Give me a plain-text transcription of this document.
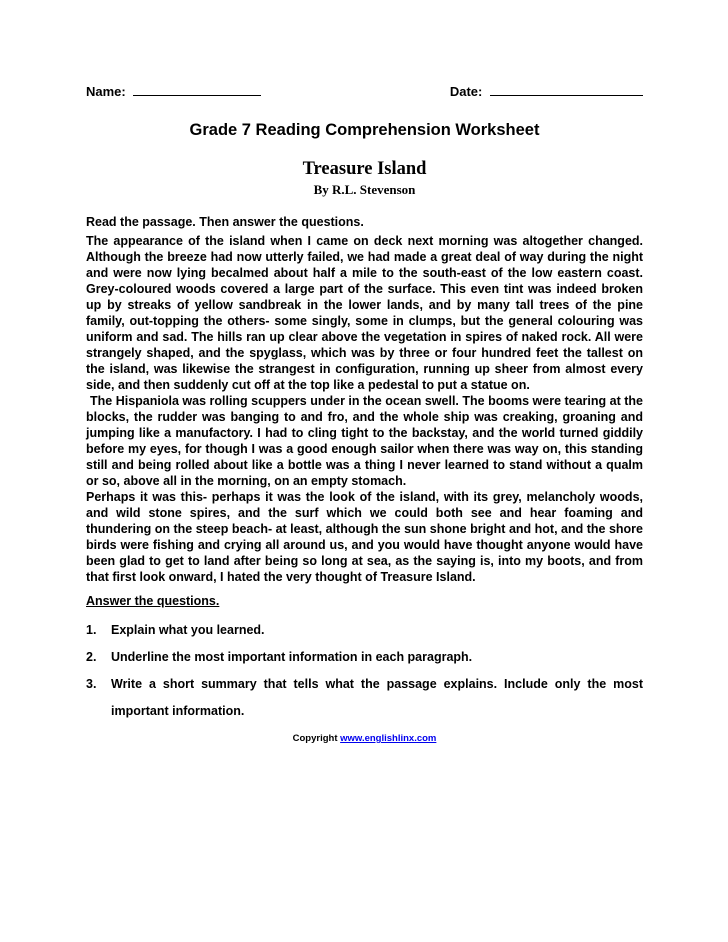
Name:	Date:
Grade 7 Reading Comprehension Worksheet
Treasure Island
By R.L. Stevenson
Read the passage. Then answer the questions.

The appearance of the island when I came on deck next morning was altogether changed. Although the breeze had now utterly failed, we had made a great deal of way during the night and were now lying becalmed about half a mile to the south-east of the low eastern coast. Grey-coloured woods covered a large part of the surface. This even tint was indeed broken up by streaks of yellow sandbreak in the lower lands, and by many tall trees of the pine family, out-topping the others- some singly, some in clumps, but the general colouring was uniform and sad. The hills ran up clear above the vegetation in spires of naked rock. All were strangely shaped, and the spyglass, which was by three or four hundred feet the tallest on the island, was likewise the strangest in configuration, running up sheer from almost every side, and then suddenly cut off at the top like a pedestal to put a statue on.

The Hispaniola was rolling scuppers under in the ocean swell. The booms were tearing at the blocks, the rudder was banging to and fro, and the whole ship was creaking, groaning and jumping like a manufactory. I had to cling tight to the backstay, and the world turned giddily before my eyes, for though I was a good enough sailor when there was way on, this standing still and being rolled about like a bottle was a thing I never learned to stand without a qualm or so, above all in the morning, on an empty stomach.

Perhaps it was this- perhaps it was the look of the island, with its grey, melancholy woods, and wild stone spires, and the surf which we could both see and hear foaming and thundering on the steep beach- at least, although the sun shone bright and hot, and the shore birds were fishing and crying all around us, and you would have thought anyone would have been glad to get to land after being so long at sea, as the saying is, into my boots, and from that first look onward, I hated the very thought of Treasure Island.

Answer the questions.
1.	Explain what you learned.
2.	Underline the most important information in each paragraph.
3.	Write a short summary that tells what the passage explains. Include only the most important information.
Copyright www.englishlinx.com
